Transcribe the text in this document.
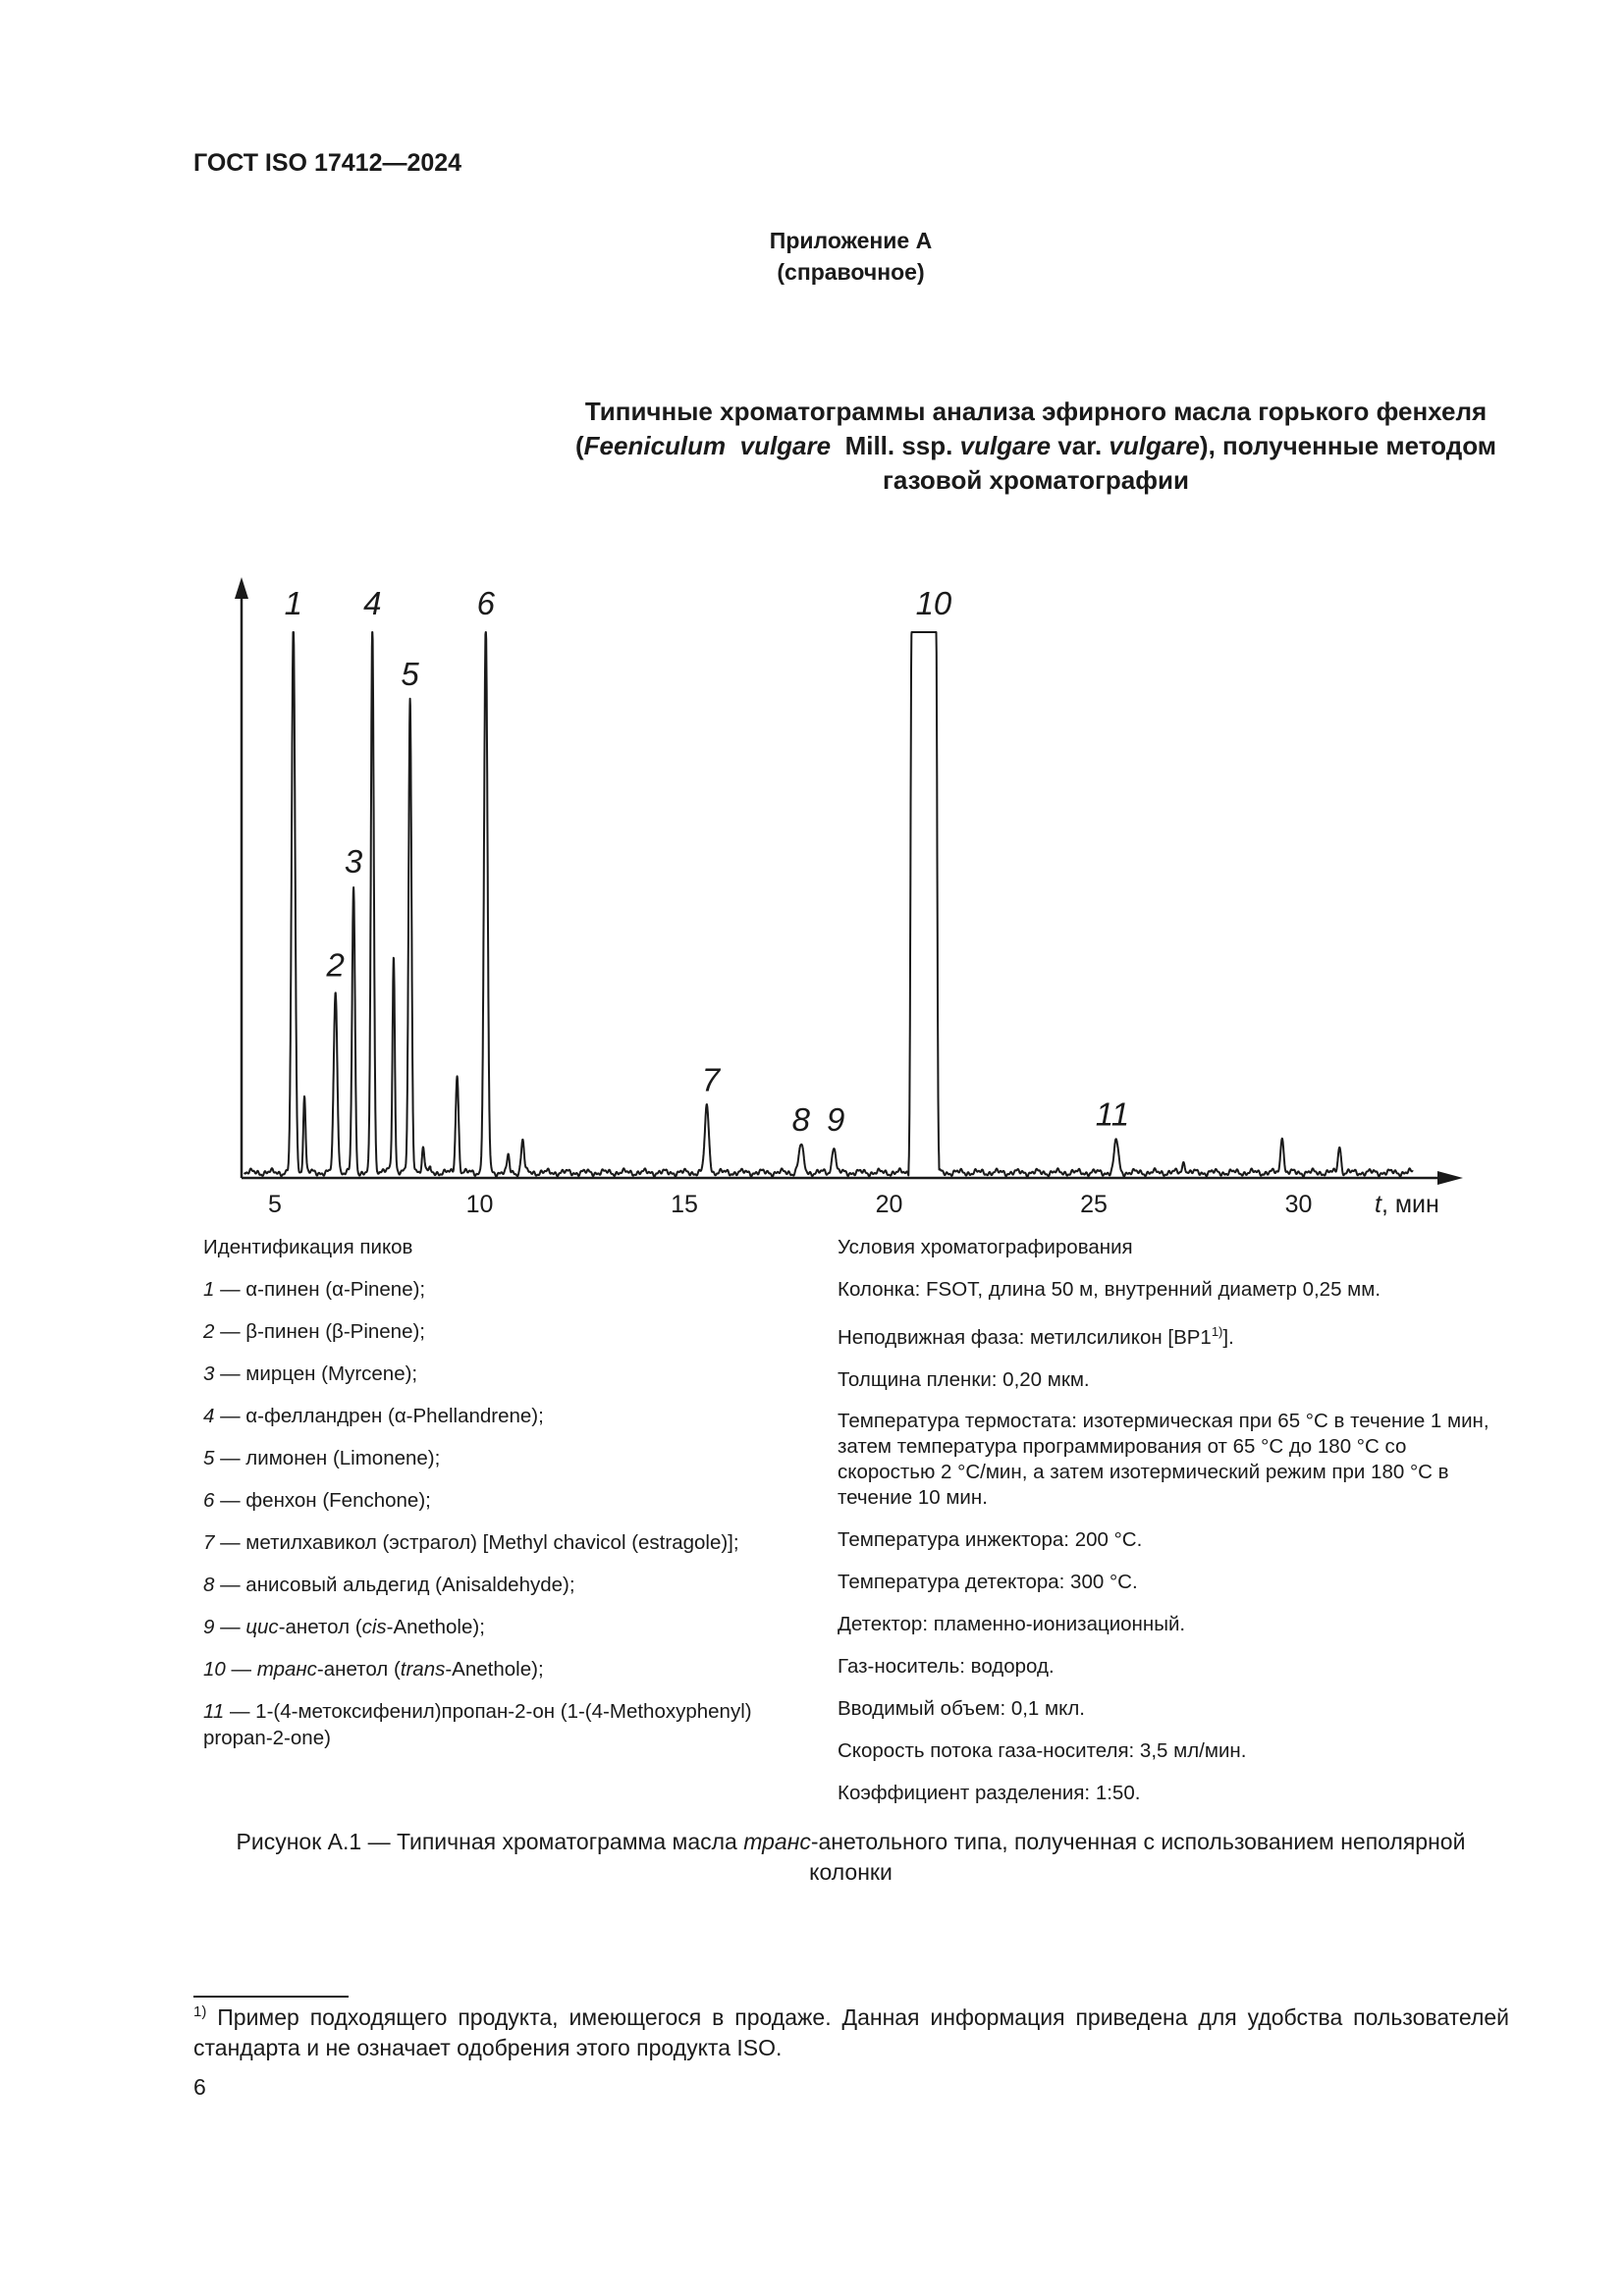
ГОСТ ISO 17412—2024
Приложение А
(справочное)
Типичные хроматограммы анализа эфирного масла горького фенхеля
(Feeniculum vulgare Mill. ssp. vulgare var. vulgare), полученные методом
газовой хроматографии
5	10	15	20	25	30	t, мин
1
2
3
4
5
6
7
8 9
10
11
Идентификация пиков
1 — α-пинен (α-Pinene);
2 — β-пинен (β-Pinene);
3 — мирцен (Myrcene);
4 — α-фелландрен (α-Phellandrene);
5 — лимонен (Limonene);
6 — фенхон (Fenchone);
7 — метилхавикол (эстрагол) [Methyl chavicol (estragole)];
8 — анисовый альдегид (Anisaldehyde);
9 — цис-анетол (cis-Anethole);
10 — транс-анетол (trans-Anethole);
11 — 1-(4-метоксифенил)пропан-2-он (1-(4-Methoxyphenyl) propan-2-one)
Условия хроматографирования
Колонка: FSOT, длина 50 м, внутренний диаметр 0,25 мм.
Неподвижная фаза: метилсиликон [BP1$^{1)}$].
Толщина пленки: 0,20 мкм.
Температура термостата: изотермическая при 65 °C в течение 1 мин, затем температура программирования от 65 °C до 180 °C со скоростью 2 °C/мин, а затем изотермический режим при 180 °C в течение 10 мин.
Температура инжектора: 200 °C.
Температура детектора: 300 °C.
Детектор: пламенно-ионизационный.
Газ-носитель: водород.
Вводимый объем: 0,1 мкл.
Скорость потока газа-носителя: 3,5 мл/мин.
Коэффициент разделения: 1:50.
Рисунок А.1 — Типичная хроматограмма масла транс-анетольного типа, полученная с использованием неполярной колонки
$^{1)}$ Пример подходящего продукта, имеющегося в продаже. Данная информация приведена для удобства пользователей стандарта и не означает одобрения этого продукта ISO.
6
